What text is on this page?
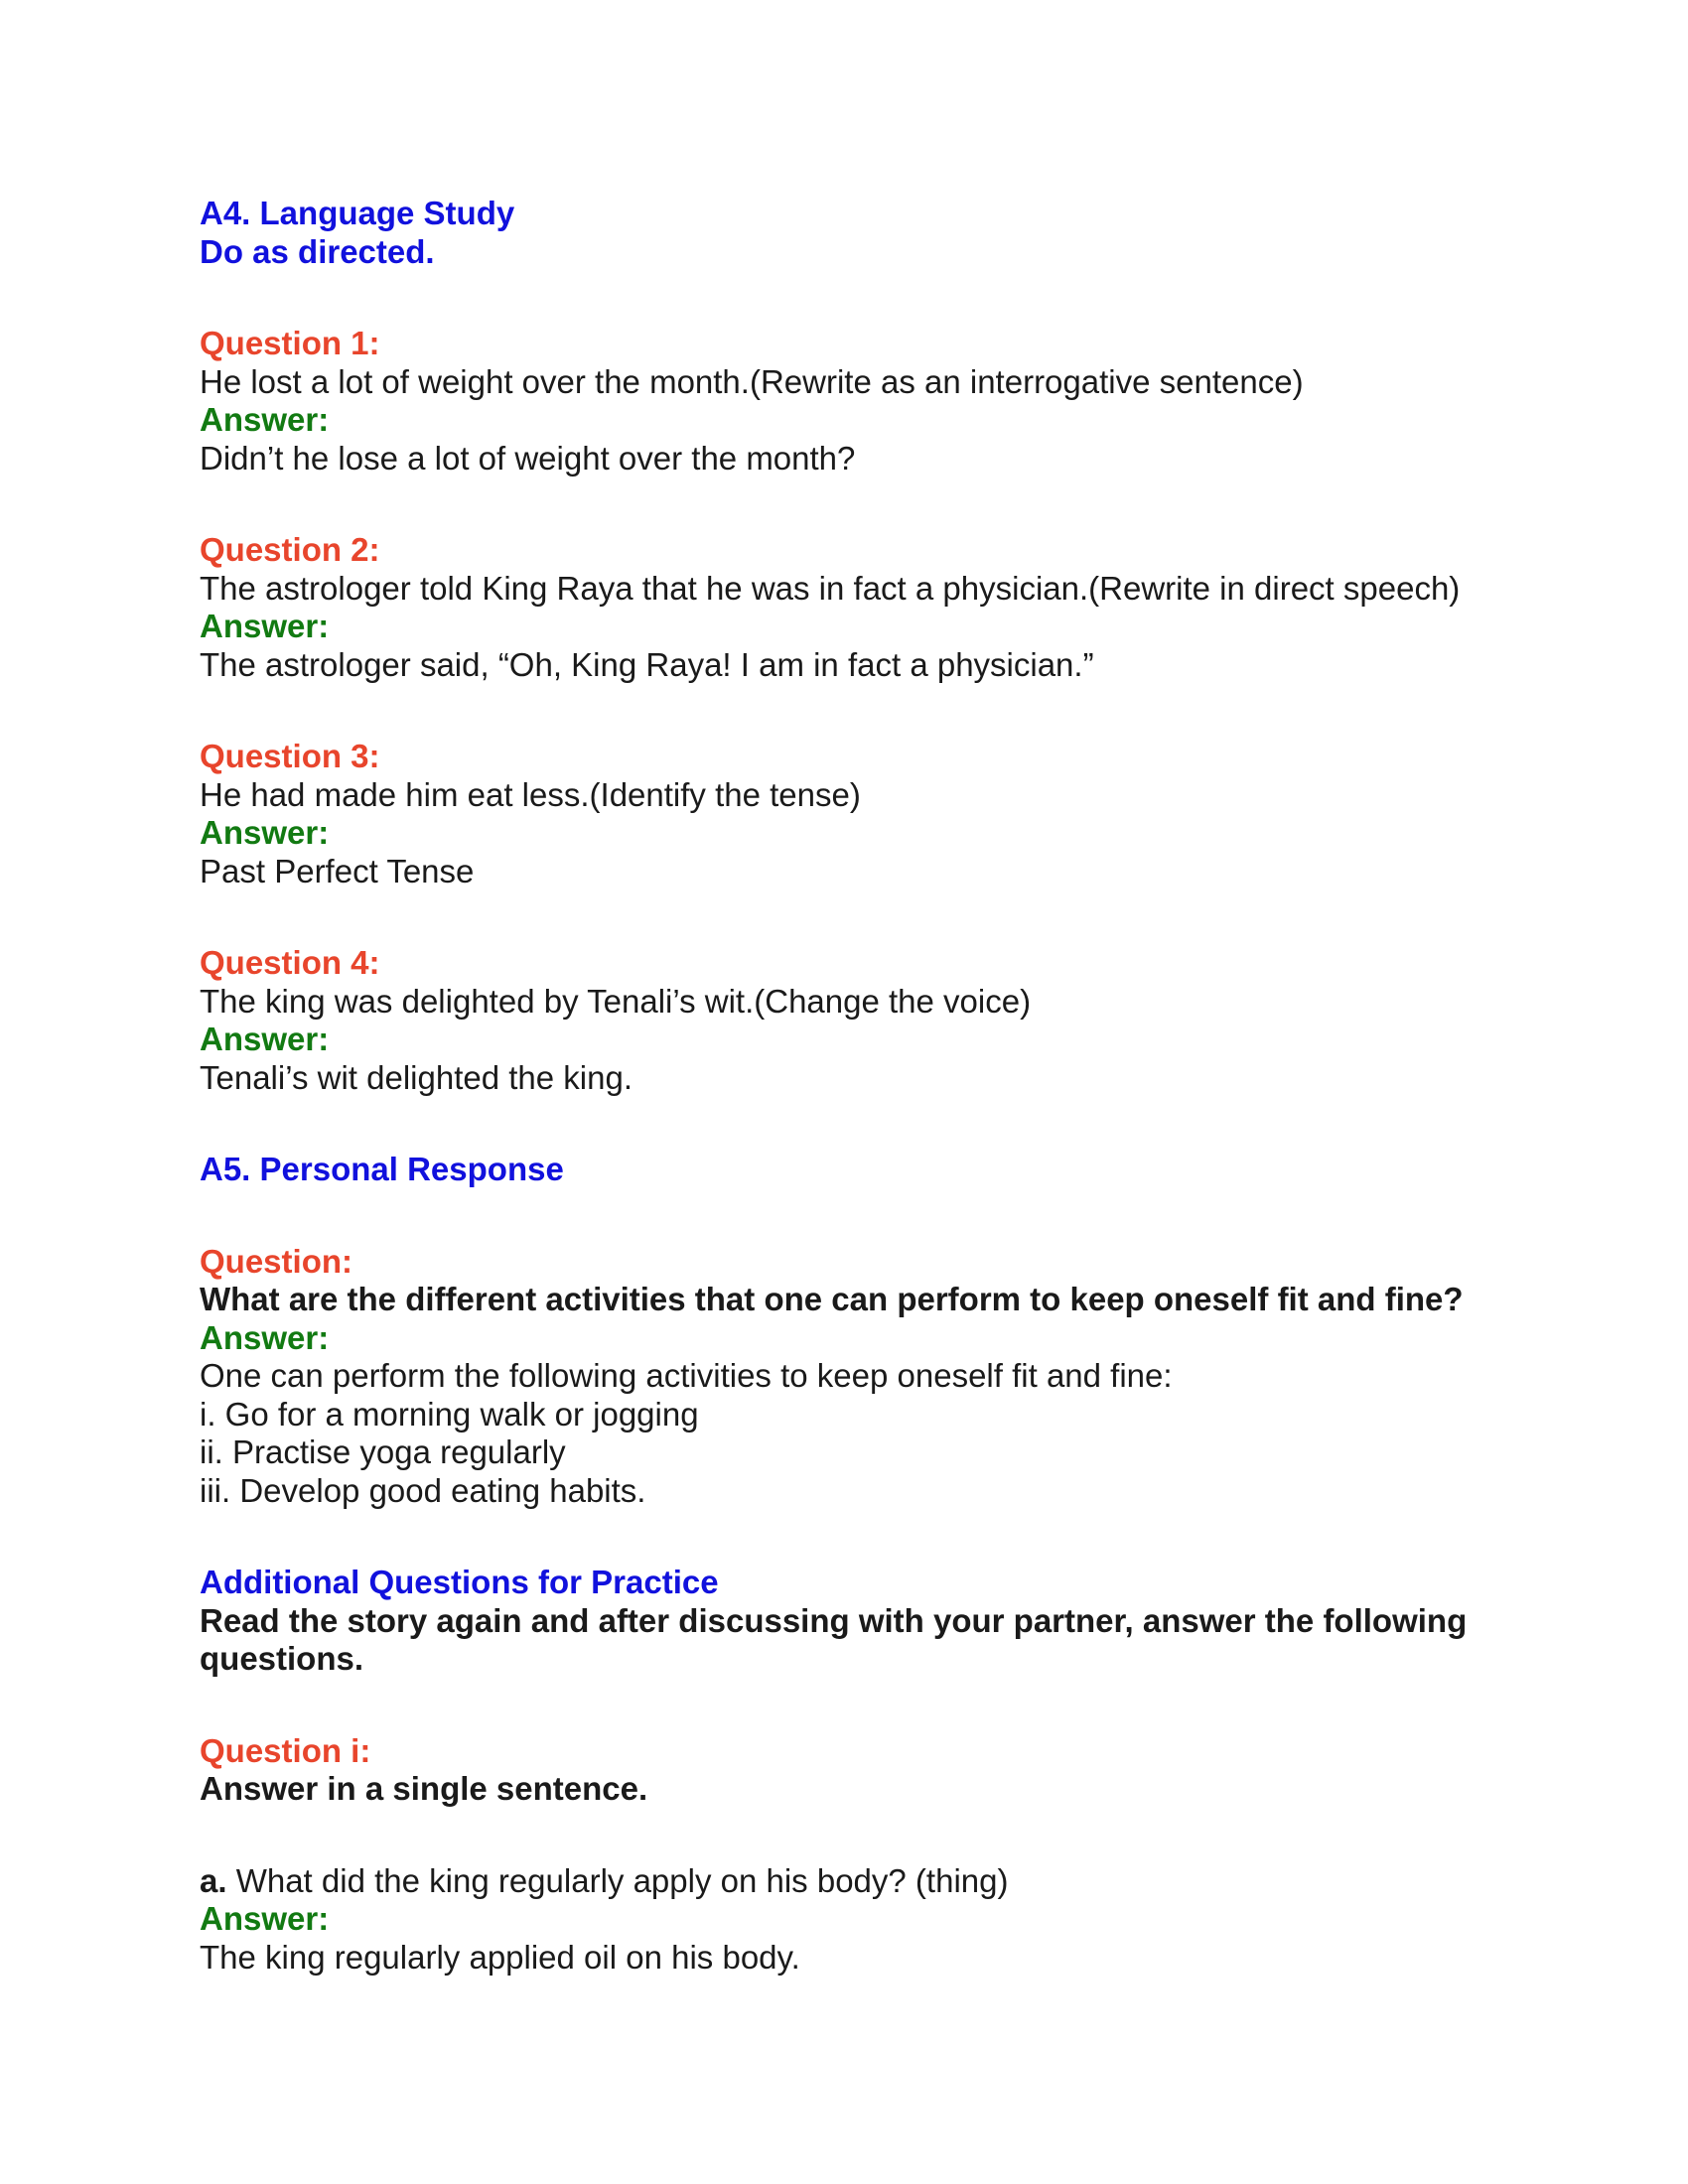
A4. Language Study
Do as directed.
Question 1:
He lost a lot of weight over the month.(Rewrite as an interrogative sentence)
Answer:
Didn’t he lose a lot of weight over the month?
Question 2:
The astrologer told King Raya that he was in fact a physician.(Rewrite in direct speech)
Answer:
The astrologer said, “Oh, King Raya! I am in fact a physician.”
Question 3:
He had made him eat less.(Identify the tense)
Answer:
Past Perfect Tense
Question 4:
The king was delighted by Tenali’s wit.(Change the voice)
Answer:
Tenali’s wit delighted the king.
A5. Personal Response
Question:
What are the different activities that one can perform to keep oneself fit and fine?
Answer:
One can perform the following activities to keep oneself fit and fine:
i. Go for a morning walk or jogging
ii. Practise yoga regularly
iii. Develop good eating habits.
Additional Questions for Practice
Read the story again and after discussing with your partner, answer the following
questions.
Question i:
Answer in a single sentence.
a. What did the king regularly apply on his body? (thing)
Answer:
The king regularly applied oil on his body.
